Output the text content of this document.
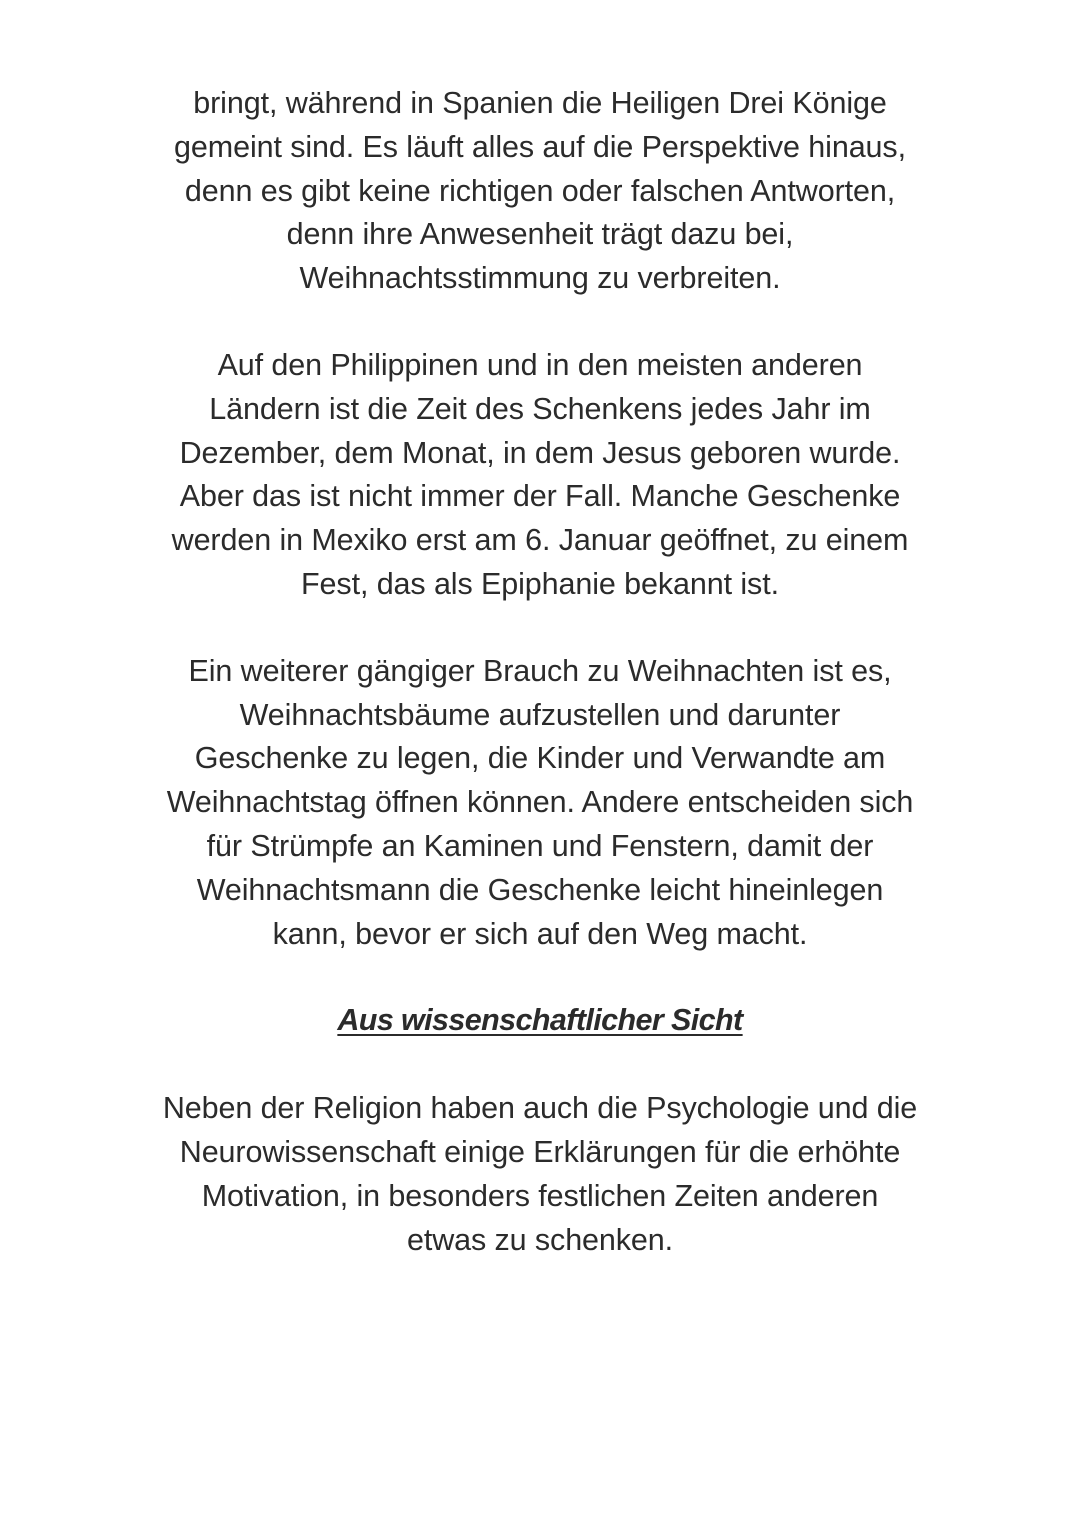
bringt, während in Spanien die Heiligen Drei Könige
gemeint sind. Es läuft alles auf die Perspektive hinaus,
denn es gibt keine richtigen oder falschen Antworten,
denn ihre Anwesenheit trägt dazu bei,
Weihnachtsstimmung zu verbreiten.

Auf den Philippinen und in den meisten anderen
Ländern ist die Zeit des Schenkens jedes Jahr im
Dezember, dem Monat, in dem Jesus geboren wurde.
Aber das ist nicht immer der Fall. Manche Geschenke
werden in Mexiko erst am 6. Januar geöffnet, zu einem
Fest, das als Epiphanie bekannt ist.

Ein weiterer gängiger Brauch zu Weihnachten ist es,
Weihnachtsbäume aufzustellen und darunter
Geschenke zu legen, die Kinder und Verwandte am
Weihnachtstag öffnen können. Andere entscheiden sich
für Strümpfe an Kaminen und Fenstern, damit der
Weihnachtsmann die Geschenke leicht hineinlegen
kann, bevor er sich auf den Weg macht.

Aus wissenschaftlicher Sicht

Neben der Religion haben auch die Psychologie und die
Neurowissenschaft einige Erklärungen für die erhöhte
Motivation, in besonders festlichen Zeiten anderen
etwas zu schenken.
